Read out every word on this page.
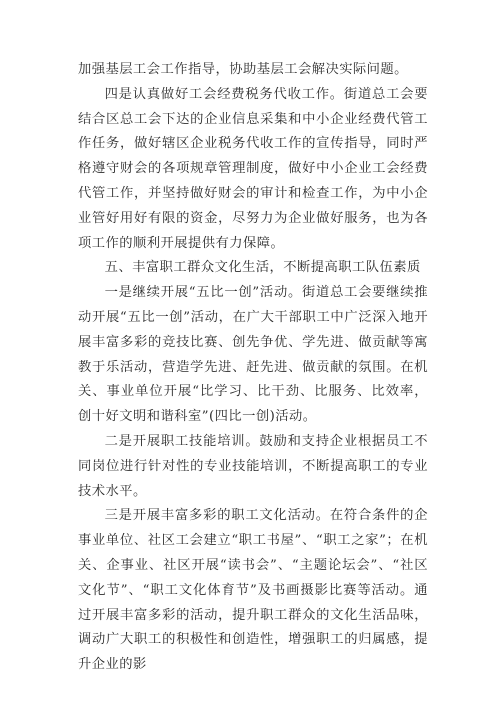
加强基层工会工作指导，协助基层工会解决实际问题。

四是认真做好工会经费税务代收工作。街道总工会要结合区总工会下达的企业信息采集和中小企业经费代管工作任务，做好辖区企业税务代收工作的宣传指导，同时严格遵守财会的各项规章管理制度，做好中小企业工会经费代管工作，并坚持做好财会的审计和检查工作，为中小企业管好用好有限的资金，尽努力为企业做好服务，也为各项工作的顺利开展提供有力保障。

五、丰富职工群众文化生活，不断提高职工队伍素质

一是继续开展“五比一创”活动。街道总工会要继续推动开展“五比一创”活动，在广大干部职工中广泛深入地开展丰富多彩的竞技比赛、创先争优、学先进、做贡献等寓教于乐活动，营造学先进、赶先进、做贡献的氛围。在机关、事业单位开展“比学习、比干劲、比服务、比效率，创十好文明和谐科室”(四比一创)活动。

二是开展职工技能培训。鼓励和支持企业根据员工不同岗位进行针对性的专业技能培训，不断提高职工的专业技术水平。

三是开展丰富多彩的职工文化活动。在符合条件的企事业单位、社区工会建立“职工书屋”、“职工之家”；在机关、企事业、社区开展“读书会”、“主题论坛会”、“社区文化节”、“职工文化体育节”及书画摄影比赛等活动。通过开展丰富多彩的活动，提升职工群众的文化生活品味，调动广大职工的积极性和创造性，增强职工的归属感，提升企业的影
